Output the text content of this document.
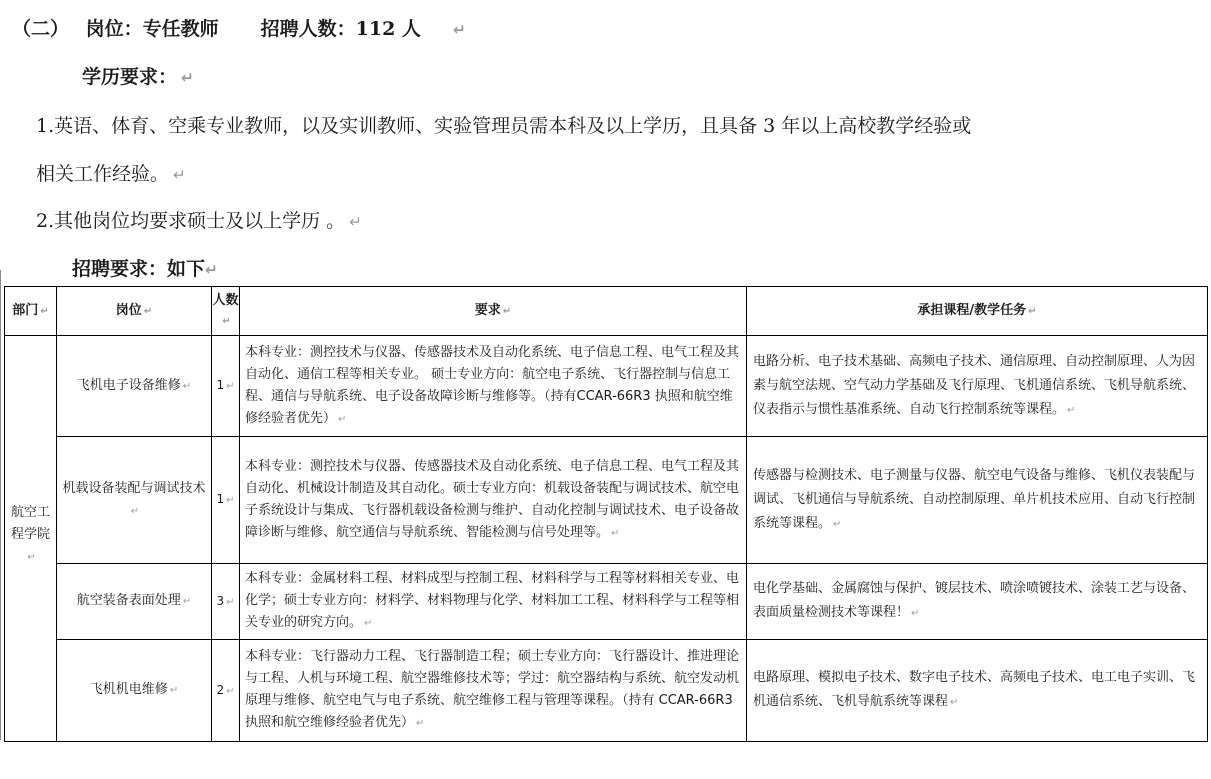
（二） 岗位：专任教师 招聘人数：112 人 ↵
学历要求： ↵
1.英语、体育、空乘专业教师，以及实训教师、实验管理员需本科及以上学历，且具备 3 年以上高校教学经验或
相关工作经验。 ↵
2.其他岗位均要求硕士及以上学历 。 ↵
招聘要求：如下↵
部门 ↵	岗位 ↵	人数↵	要求 ↵	承担课程/教学任务 ↵
航空工程学院↵	飞机电子设备维修 ↵	1 ↵	本科专业：测控技术与仪器、传感器技术及自动化系统、电子信息工程、电气工程及其自动化、通信工程等相关专业。 硕士专业方向：航空电子系统、飞行器控制与信息工程、通信与导航系统、电子设备故障诊断与维修等。（持有CCAR-66R3 执照和航空维修经验者优先） ↵	电路分析、电子技术基础、高频电子技术、通信原理、自动控制原理、人为因素与航空法规、空气动力学基础及飞行原理、飞机通信系统、飞机导航系统、仪表指示与惯性基准系统、自动飞行控制系统等课程。 ↵
	机载设备装配与调试技术↵	1 ↵	本科专业：测控技术与仪器、传感器技术及自动化系统、电子信息工程、电气工程及其自动化、机械设计制造及其自动化。硕士专业方向：机载设备装配与调试技术、航空电子系统设计与集成、飞行器机载设备检测与维护、自动化控制与调试技术、电子设备故障诊断与维修、航空通信与导航系统、智能检测与信号处理等。 ↵	传感器与检测技术、电子测量与仪器、航空电气设备与维修、飞机仪表装配与调试、飞机通信与导航系统、自动控制原理、单片机技术应用、自动飞行控制系统等课程。 ↵
	航空装备表面处理 ↵	3 ↵	本科专业：金属材料工程、材料成型与控制工程、材料科学与工程等材料相关专业、电化学；硕士专业方向：材料学、材料物理与化学、材料加工工程、材料科学与工程等相关专业的研究方向。 ↵	电化学基础、金属腐蚀与保护、镀层技术、喷涂喷镀技术、涂装工艺与设备、表面质量检测技术等课程！ ↵
	飞机机电维修 ↵	2 ↵	本科专业：飞行器动力工程、飞行器制造工程；硕士专业方向：飞行器设计、推进理论与工程、人机与环境工程、航空器维修技术等；学过：航空器结构与系统、航空发动机原理与维修、航空电气与电子系统、航空维修工程与管理等课程。（持有 CCAR-66R3 执照和航空维修经验者优先） ↵	电路原理、模拟电子技术、数字电子技术、高频电子技术、电工电子实训、飞机通信系统、飞机导航系统等课程 ↵
